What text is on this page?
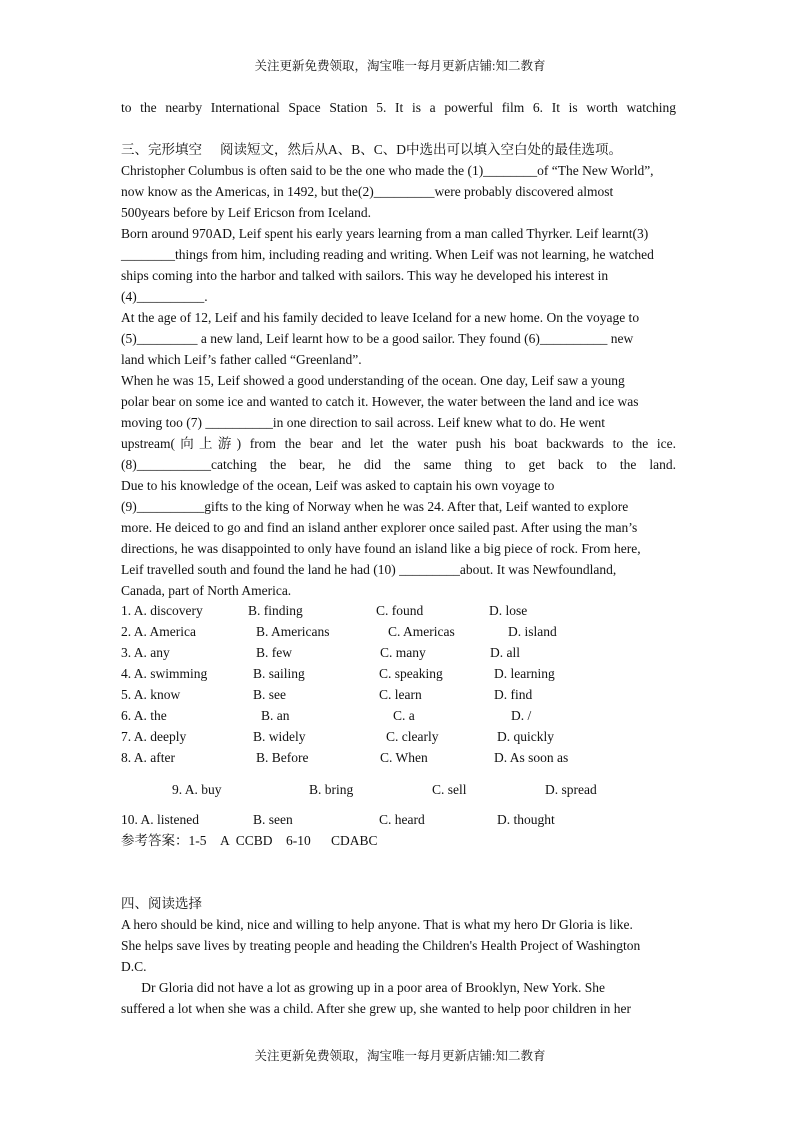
关注更新免费领取，淘宝唯一每月更新店铺:知二教育
to the nearby International Space Station 5. It is a powerful film 6. It is worth watching
三、完形填空 阅读短文，然后从A、B、C、D中选出可以填入空白处的最佳选项。
Christopher Columbus is often said to be the one who made the (1)________of “The New World”,
now know as the Americas, in 1492, but the(2)_________were probably discovered almost
500years before by Leif Ericson from Iceland.
Born around 970AD, Leif spent his early years learning from a man called Thyrker. Leif learnt(3)
________things from him, including reading and writing. When Leif was not learning, he watched
ships coming into the harbor and talked with sailors. This way he developed his interest in
(4)__________.
At the age of 12, Leif and his family decided to leave Iceland for a new home. On the voyage to
(5)_________ a new land, Leif learnt how to be a good sailor. They found (6)__________ new
land which Leif’s father called “Greenland”.
When he was 15, Leif showed a good understanding of the ocean. One day, Leif saw a young
polar bear on some ice and wanted to catch it. However, the water between the land and ice was
moving too (7) __________in one direction to sail across. Leif knew what to do. He went
upstream(向上游) from the bear and let the water push his boat backwards to the ice.
(8)___________catching the bear, he did the same thing to get back to the land.
Due to his knowledge of the ocean, Leif was asked to captain his own voyage to
(9)__________gifts to the king of Norway when he was 24. After that, Leif wanted to explore
more. He deiced to go and find an island anther explorer once sailed past. After using the man’s
directions, he was disappointed to only have found an island like a big piece of rock. From here,
Leif travelled south and found the land he had (10) _________about. It was Newfoundland,
Canada, part of North America.
1. A. discovery	B. finding	C. found	D. lose
2. A. America	B. Americans	C. Americas	D. island
3. A. any	B. few	C. many	D. all
4. A. swimming	B. sailing	C. speaking	D. learning
5. A. know	B. see	C. learn	D. find
6. A. the	B. an	C. a	D. /
7. A. deeply	B. widely	C. clearly	D. quickly
8. A. after	B. Before	C. When	D. As soon as
9. A. buy	B. bring	C. sell	D. spread
10. A. listened	B. seen	C. heard	D. thought
参考答案：1-5    A  CCBD    6-10      CDABC
四、阅读选择
A hero should be kind, nice and willing to help anyone. That is what my hero Dr Gloria is like.
She helps save lives by treating people and heading the Children's Health Project of Washington
D.C.
Dr Gloria did not have a lot as growing up in a poor area of Brooklyn, New York. She
suffered a lot when she was a child. After she grew up, she wanted to help poor children in her
关注更新免费领取，淘宝唯一每月更新店铺:知二教育
